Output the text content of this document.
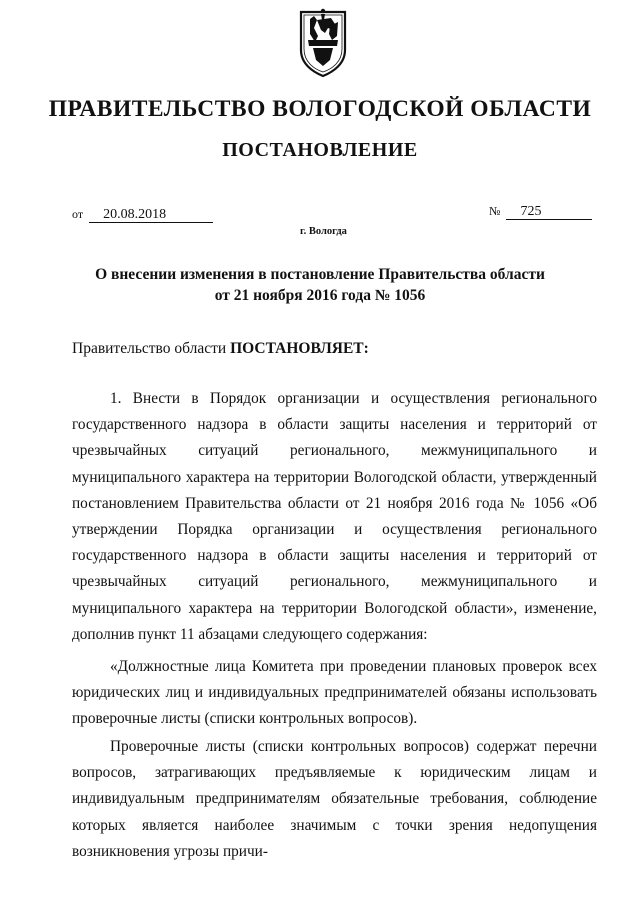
ПРАВИТЕЛЬСТВО ВОЛОГОДСКОЙ ОБЛАСТИ
ПОСТАНОВЛЕНИЕ
от 20.08.2018	№ 725
г. Вологда
О внесении изменения в постановление Правительства области
от 21 ноября 2016 года № 1056
Правительство области ПОСТАНОВЛЯЕТ:

1. Внести в Порядок организации и осуществления регионального государственного надзора в области защиты населения и территорий от чрезвычайных ситуаций регионального, межмуниципального и муниципального характера на территории Вологодской области, утвержденный постановлением Правительства области от 21 ноября 2016 года № 1056 «Об утверждении Порядка организации и осуществления регионального государственного надзора в области защиты населения и территорий от чрезвычайных ситуаций регионального, межмуниципального и муниципального характера на территории Вологодской области», изменение, дополнив пункт 11 абзацами следующего содержания:

«Должностные лица Комитета при проведении плановых проверок всех юридических лиц и индивидуальных предпринимателей обязаны использовать проверочные листы (списки контрольных вопросов).

Проверочные листы (списки контрольных вопросов) содержат перечни вопросов, затрагивающих предъявляемые к юридическим лицам и индивидуальным предпринимателям обязательные требования, соблюдение которых является наиболее значимым с точки зрения недопущения возникновения угрозы причи-
